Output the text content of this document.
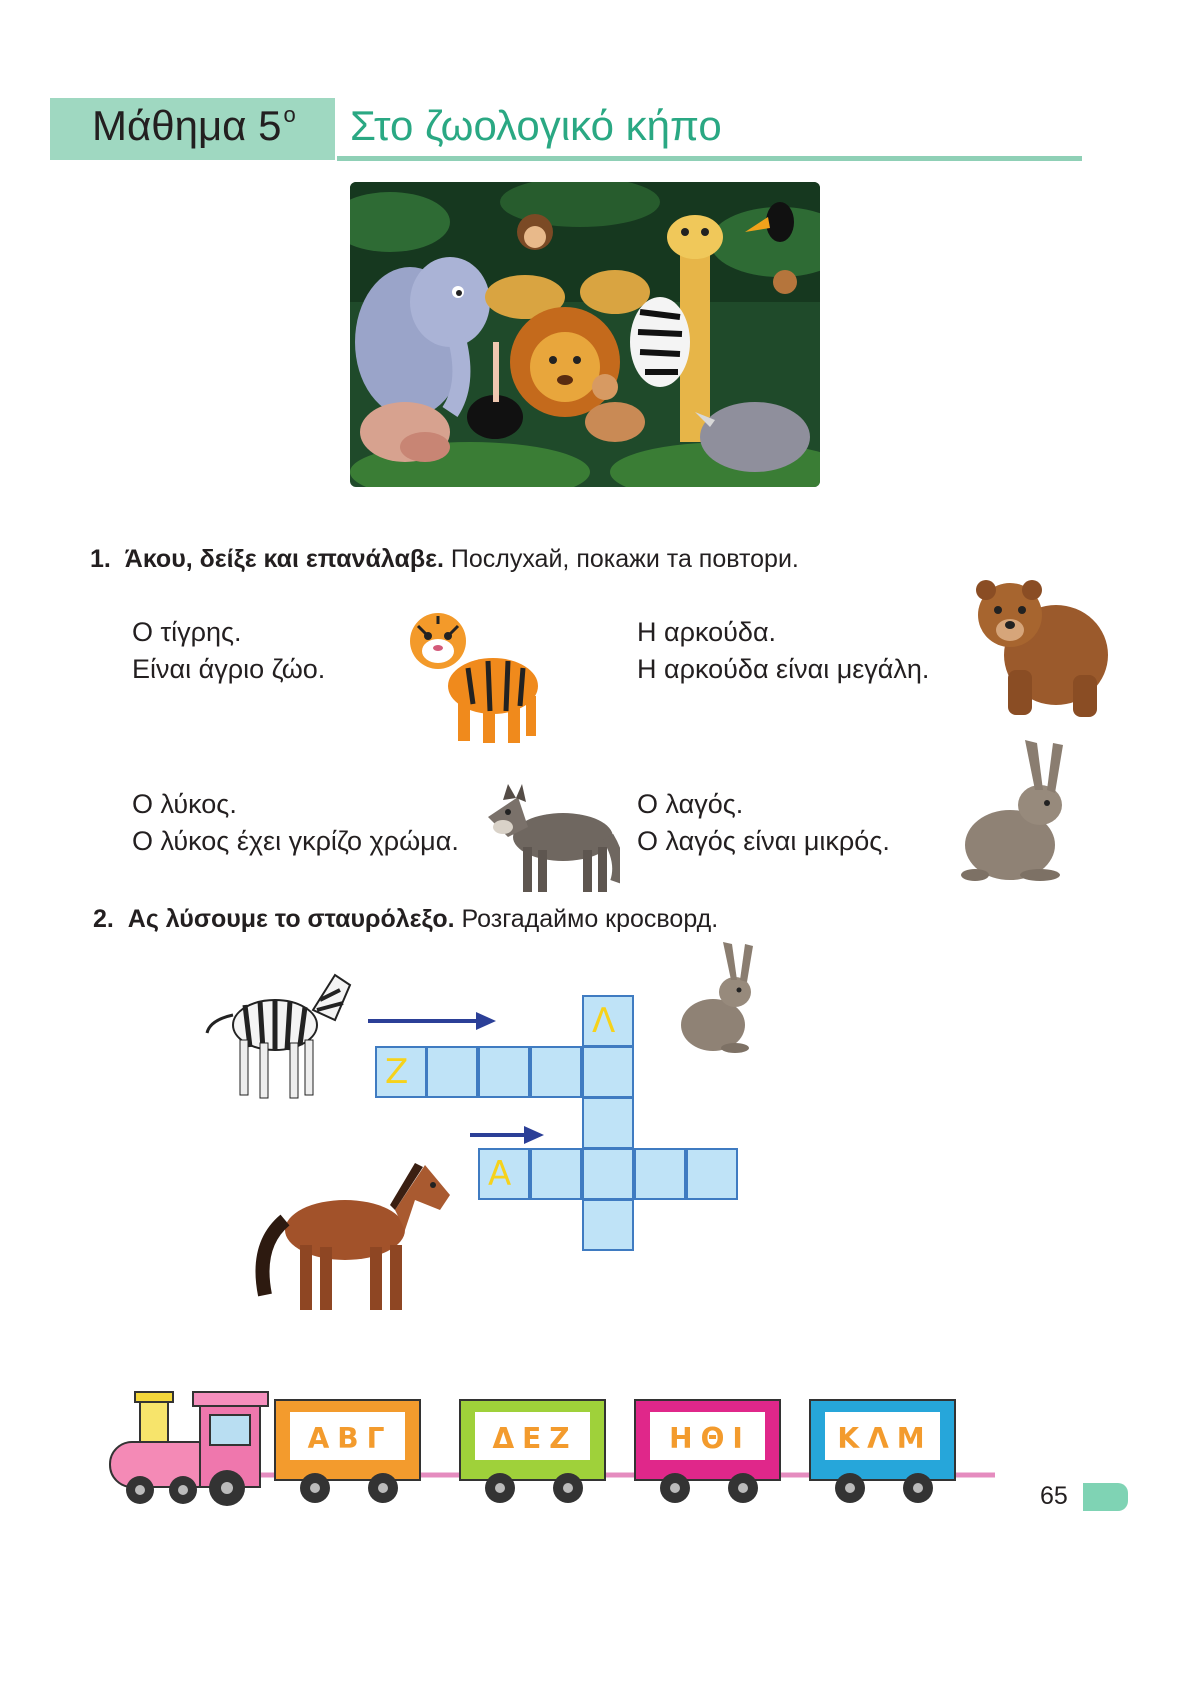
Μάθημα $5^o$ Στο ζωολογικό κήπο
1. Άκου, δείξε και επανάλαβε. Послухай, покажи та повтори.
Ο τίγρης.
Είναι άγριο ζώο.
Η αρκούδα.
Η αρκούδα είναι μεγάλη.
Ο λύκος.
Ο λύκος έχει γκρίζο χρώμα.
Ο λαγός.
Ο λαγός είναι μικρός.
2. Ας λύσουμε το σταυρόλεξο. Розгадаймо кросворд.
Λ
Ζ
Α
ΑΒΓ	ΔΕΖ	ΗΘΙ	ΚΛΜ
65
